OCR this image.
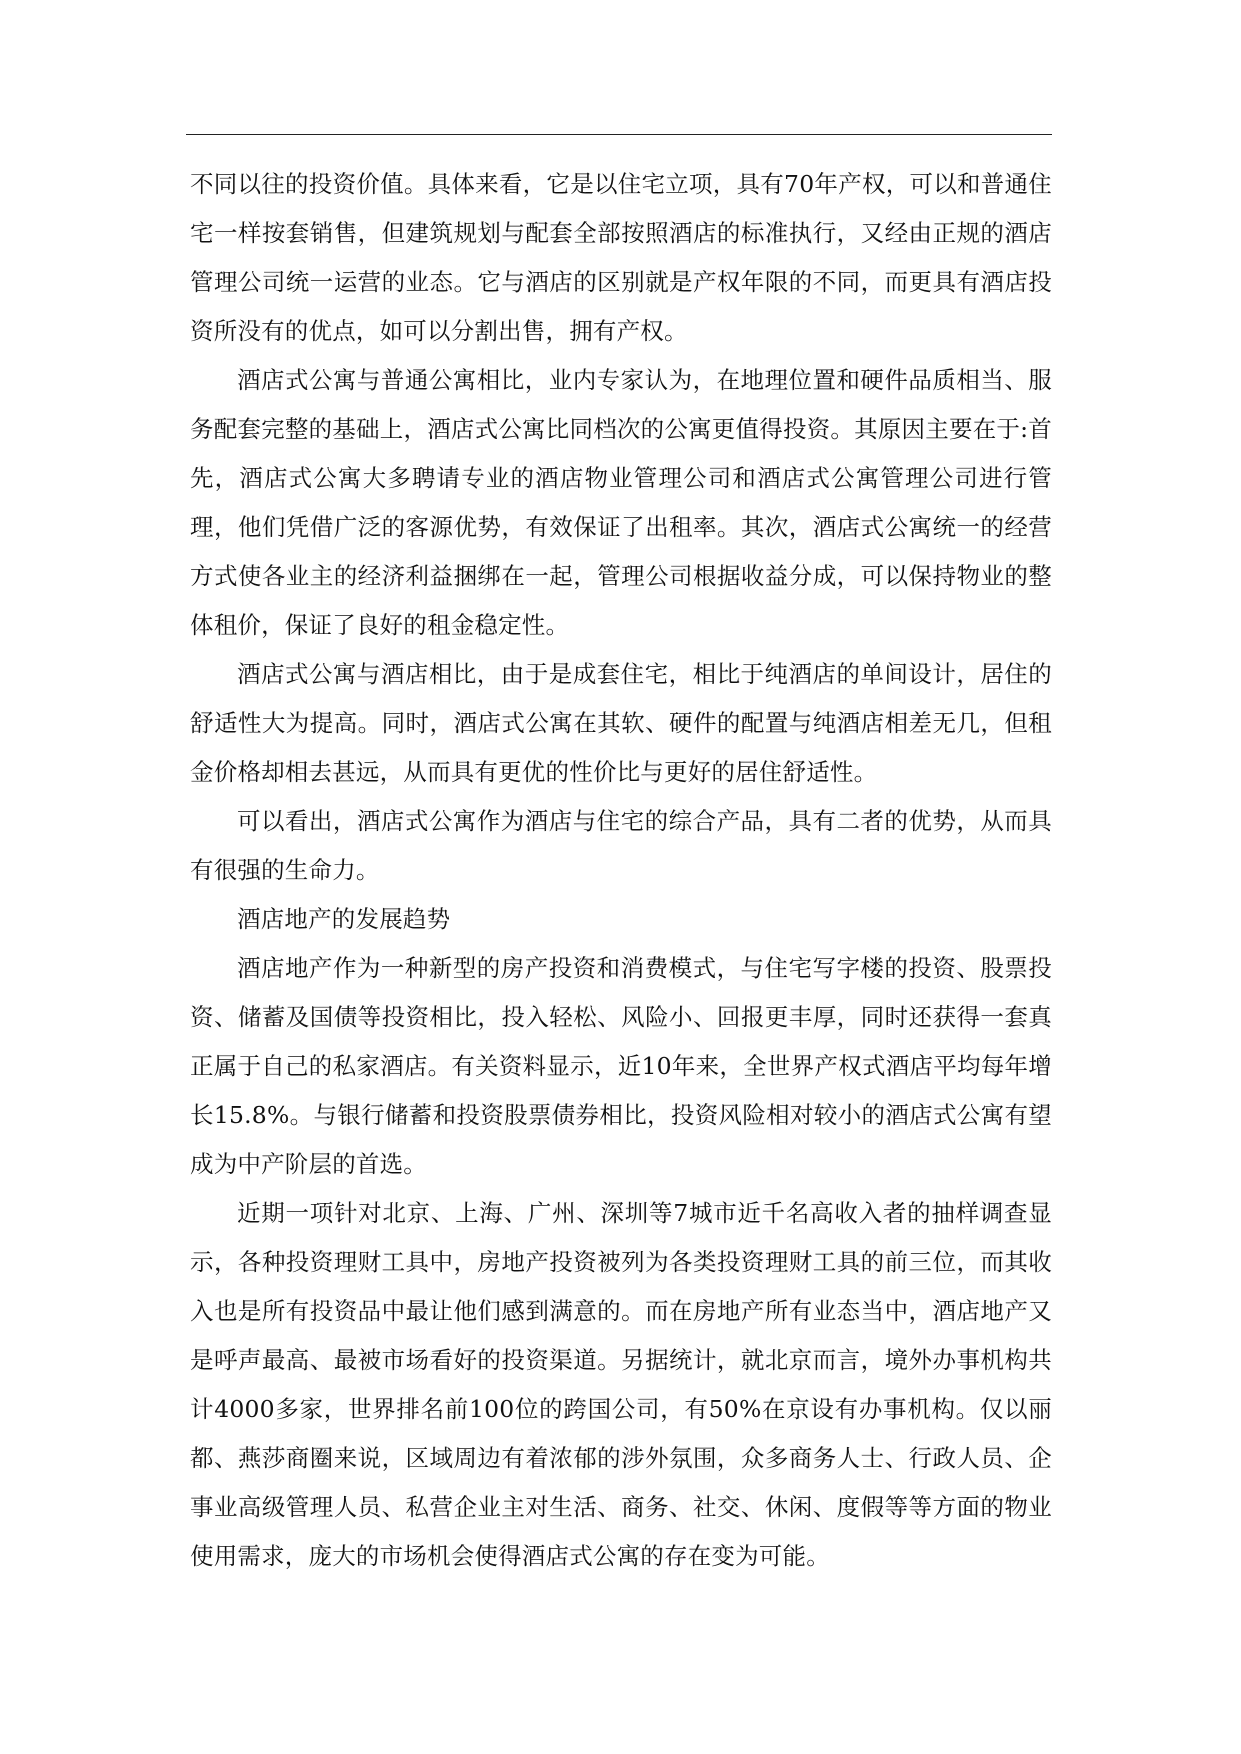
不同以往的投资价值。具体来看，它是以住宅立项，具有70年产权，可以和普通住宅一样按套销售，但建筑规划与配套全部按照酒店的标准执行，又经由正规的酒店管理公司统一运营的业态。它与酒店的区别就是产权年限的不同，而更具有酒店投资所没有的优点，如可以分割出售，拥有产权。

酒店式公寓与普通公寓相比，业内专家认为，在地理位置和硬件品质相当、服务配套完整的基础上，酒店式公寓比同档次的公寓更值得投资。其原因主要在于:首先，酒店式公寓大多聘请专业的酒店物业管理公司和酒店式公寓管理公司进行管理，他们凭借广泛的客源优势，有效保证了出租率。其次，酒店式公寓统一的经营方式使各业主的经济利益捆绑在一起，管理公司根据收益分成，可以保持物业的整体租价，保证了良好的租金稳定性。

酒店式公寓与酒店相比，由于是成套住宅，相比于纯酒店的单间设计，居住的舒适性大为提高。同时，酒店式公寓在其软、硬件的配置与纯酒店相差无几，但租金价格却相去甚远，从而具有更优的性价比与更好的居住舒适性。

可以看出，酒店式公寓作为酒店与住宅的综合产品，具有二者的优势，从而具有很强的生命力。

酒店地产的发展趋势

酒店地产作为一种新型的房产投资和消费模式，与住宅写字楼的投资、股票投资、储蓄及国债等投资相比，投入轻松、风险小、回报更丰厚，同时还获得一套真正属于自己的私家酒店。有关资料显示，近10年来，全世界产权式酒店平均每年增长15.8%。与银行储蓄和投资股票债券相比，投资风险相对较小的酒店式公寓有望成为中产阶层的首选。

近期一项针对北京、上海、广州、深圳等7城市近千名高收入者的抽样调查显示，各种投资理财工具中，房地产投资被列为各类投资理财工具的前三位，而其收入也是所有投资品中最让他们感到满意的。而在房地产所有业态当中，酒店地产又是呼声最高、最被市场看好的投资渠道。另据统计，就北京而言，境外办事机构共计4000多家，世界排名前100位的跨国公司，有50%在京设有办事机构。仅以丽都、燕莎商圈来说，区域周边有着浓郁的涉外氛围，众多商务人士、行政人员、企事业高级管理人员、私营企业主对生活、商务、社交、休闲、度假等等方面的物业使用需求，庞大的市场机会使得酒店式公寓的存在变为可能。
